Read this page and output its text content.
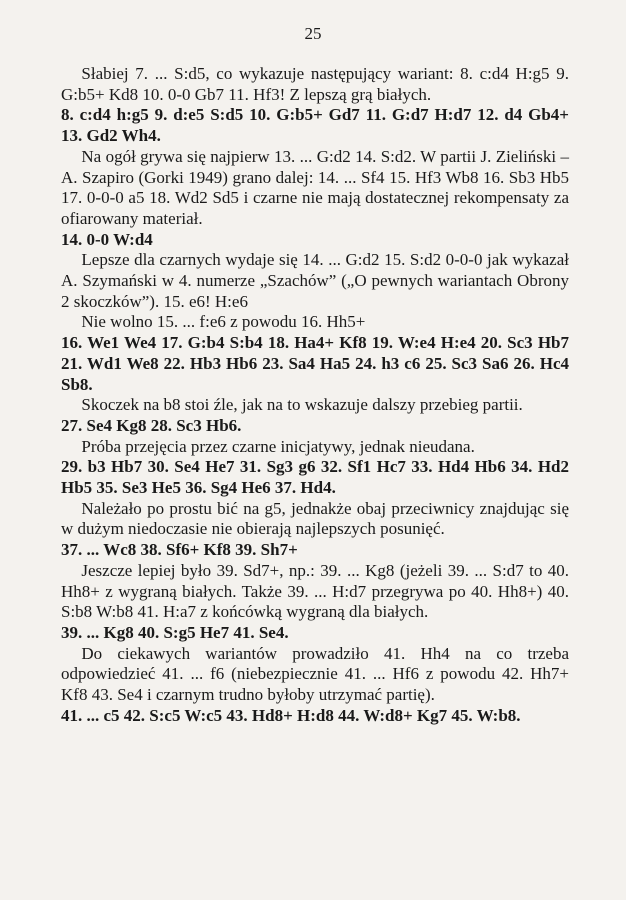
25

Słabiej 7. ... S:d5, co wykazuje następujący wariant: 8. c:d4 H:g5 9. G:b5+ Kd8 10. 0-0 Gb7 11. Hf3! Z lepszą grą białych.

8. c:d4 h:g5 9. d:e5 S:d5 10. G:b5+ Gd7 11. G:d7 H:d7 12. d4 Gb4+ 13. Gd2 Wh4.

Na ogół grywa się najpierw 13. ... G:d2 14. S:d2. W partii J. Zieliński – A. Szapiro (Gorki 1949) grano dalej: 14. ... Sf4 15. Hf3 Wb8 16. Sb3 Hb5 17. 0-0-0 a5 18. Wd2 Sd5 i czarne nie mają dostatecznej rekompensaty za ofiarowany materiał.

14. 0-0 W:d4

Lepsze dla czarnych wydaje się 14. ... G:d2 15. S:d2 0-0-0 jak wykazał A. Szymański w 4. numerze „Szachów” („O pewnych wariantach Obrony 2 skoczków”). 15. e6! H:e6

Nie wolno 15. ... f:e6 z powodu 16. Hh5+

16. We1 We4 17. G:b4 S:b4 18. Ha4+ Kf8 19. W:e4 H:e4 20. Sc3 Hb7 21. Wd1 We8 22. Hb3 Hb6 23. Sa4 Ha5 24. h3 c6 25. Sc3 Sa6 26. Hc4 Sb8.

Skoczek na b8 stoi źle, jak na to wskazuje dalszy przebieg partii.

27. Se4 Kg8 28. Sc3 Hb6.

Próba przejęcia przez czarne inicjatywy, jednak nieudana.

29. b3 Hb7 30. Se4 He7 31. Sg3 g6 32. Sf1 Hc7 33. Hd4 Hb6 34. Hd2 Hb5 35. Se3 He5 36. Sg4 He6 37. Hd4.

Należało po prostu bić na g5, jednakże obaj przeciwnicy znajdując się w dużym niedoczasie nie obierają najlepszych posunięć.

37. ... Wc8 38. Sf6+ Kf8 39. Sh7+

Jeszcze lepiej było 39. Sd7+, np.: 39. ... Kg8 (jeżeli 39. ... S:d7 to 40. Hh8+ z wygraną białych. Także 39. ... H:d7 przegrywa po 40. Hh8+) 40. S:b8 W:b8 41. H:a7 z końcówką wygraną dla białych.

39. ... Kg8 40. S:g5 He7 41. Se4.

Do ciekawych wariantów prowadziło 41. Hh4 na co trzeba odpowiedzieć 41. ... f6 (niebezpiecznie 41. ... Hf6 z powodu 42. Hh7+ Kf8 43. Se4 i czarnym trudno byłoby utrzymać partię).

41. ... c5 42. S:c5 W:c5 43. Hd8+ H:d8 44. W:d8+ Kg7 45. W:b8.
